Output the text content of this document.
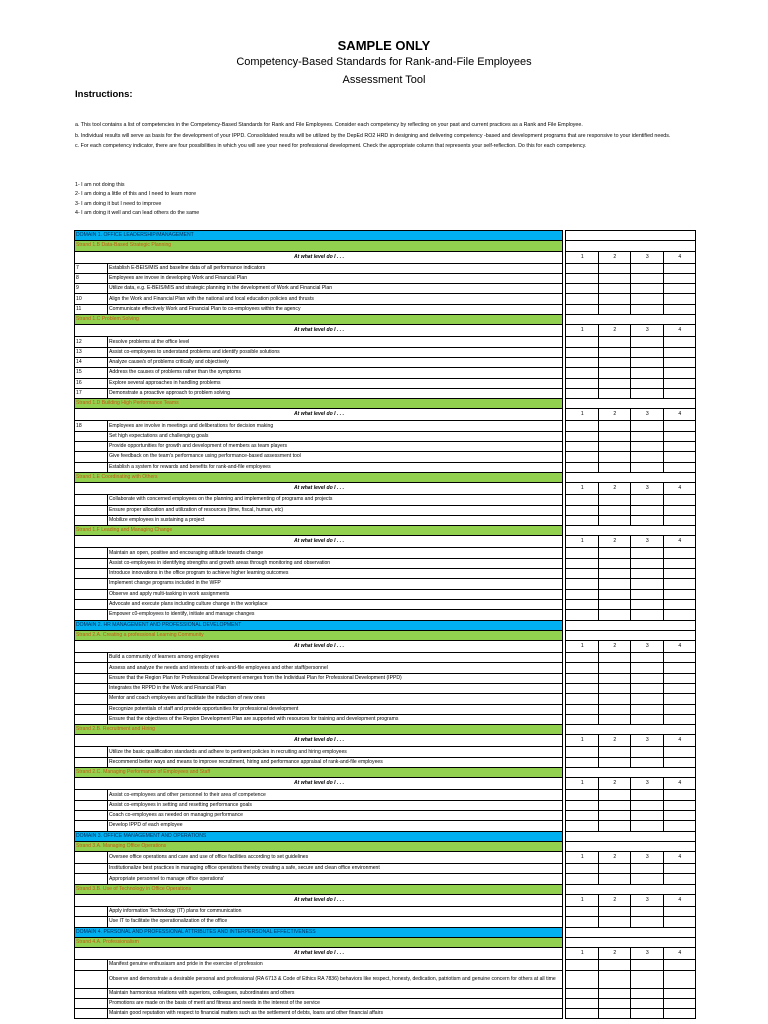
SAMPLE ONLY
Competency-Based Standards for Rank-and-File Employees
Assessment Tool
Instructions:

a. This tool contains a list of competencies in the Competency-Based Standards for Rank and File Employees. Consider each competency by reflecting on your past and current practices as a Rank and File Employee.

b. Individual results will serve as basis for the development of your IPPD. Consolidated results will be utilized by the DepEd RO2 HRD in designing and delivering competency -based and development programs that are responsive to your identified needs.

c. For each competency indicator, there are four possibilities in which you will see your need for professional development. Check the appropriate column that represents your self-reflection. Do this for each competency.

1- I am not doing this
2- I am doing a little of this and I need to learn more
3- I am doing it but I need to improve
4- I am doing it well and can lead others do the same
DOMAIN 1. OFFICE LEADERSHIP/MANAGEMENT						
Strand 1.B Data-Based Strategic Planning						
At what level do I . . .			1	2	3	4
7	Establish E-BEIS/MIS and baseline data of all performance indicators					
8	Employees are invove in developing Work and Financial Plan					
9	Utilize data, e.g. E-BEIS/MIS and strategic planning in the development of Work and Financial Plan					
10	Align the Work and Financial Plan with the national and local education policies and thrusts					
11	Communicate effectively Work and Financial Plan to co-employees within the agency					
Strand 1.C Problem Solving						
At what level do I . . .			1	2	3	4
12	Resolve problems at the office level					
13	Assist co-employees to understand problems and identify possible solutions					
14	Analyze cause/s of problems critically and objectively					
15	Address the causes of problems rather than the symptoms					
16	Explore several approaches in handling problems					
17	Demonstrate a proactive approach to problem solving					
Strand 1.D Building High Performance Teams						
At what level do I . . .			1	2	3	4
18	Employees are involve in meetings and deliberations for decision making					
	Set high expectations and challenging goals					
	Provide opportunities for growth and development of members as team players					
	Give feedback on the team's performance using performance-based assessment tool					
	Establish a system for rewards and benefits for rank-and-file employees					
Strand 1.E Coordinating with Others						
At what level do I . . .			1	2	3	4
	Collaborate with concerned employees on the planning and implementing of programs and projects					
	Ensure proper allocation and utilization of resources (time, fiscal, human, etc)					
	Mobilize employees in sustaining a project					
Strand 1.F Leading and Managing Change						
At what level do I . . .			1	2	3	4
	Maintain an open, positive and encouraging attitude towards change					
	Assist co-employees in identifying strengths and growth areas through monitoring and observation					
	Introduce innovations in the office program to achieve higher learning outcomes					
	Implement change programs included in the WFP					
	Observe and apply multi-tasking in work assignments					
	Advocate and execute plans including culture change in the workplace					
	Empower c0-employees to identify, initiate and manage changes					
DOMAIN 2. HR MANAGEMENT AND PROFESSIONAL DEVELOPMENT						
Strand 2.A. Creating a professional Learning Community						
At what level do I . . .			1	2	3	4
	Build a community of learners among employees					
	Assess and analyze the needs and interests of rank-and-file employees and other staff/personnel					
	Ensure that the Region Plan for Professional Development emerges from the Individual Plan for Professional Development (IPPD)					
	Integrates the RPPD in the Work and Financial Plan					
	Mentor and coach employees and facilitate the induction of new ones					
	Recognize potentials of staff and provide opportunities for professional development					
	Ensure that the objectives of the Region Development Plan are supported with resources for training and development programs					
Strand 2.B. Recruitment and Hiring						
At what level do I . . .			1	2	3	4
	Utilize the basic qualification standards and adhere to pertinent policies in recruiting and hiring employees					
	Recommend better ways and means to improve recruitment, hiring and performance appraisal of rank-and-file employees					
Strand 2.C. Managing Performance of Employees and Staff						
At what level do I . . .			1	2	3	4
	Assist co-employees and other personnel to their area of competence					
	Assist co-employees in setting and resetting performance goals					
	Coach co-employees as needed on managing performance					
	Develop IPPD of each employee					
DOMAIN 3. OFFICE MANAGEMENT AND OPERATIONS						
Strand 3.A. Managing Office Operations						
	Oversee office operations and care and use of office facilities according to set guidelines		1	2	3	4
	Institutionalize best practices in managing office operations thereby creating a safe, secure and clean office environment					
	Appropriate personnel to manage office operations'					
Strand 3.B. Use of Technology in Office Operations						
At what level do I . . .			1	2	3	4
	Apply information Technology (IT) plans for communication					
	Use IT to facilitate the operationalization of the office					
DOMAIN 4. PERSONAL AND PROFESSIONAL ATTRIBUTES AND INTERPERSONAL EFFECTIVENESS						
Strand 4.A. Professionalism						
At what level do I . . .			1	2	3	4
	Manifest genuine enthusiasm and pride in the exercise of profession					
	Observe and demonstrate a desirable personal and professional (RA 6713 & Code of Ethics RA 7836) behaviors like respect, honesty, dedication, patriotism and genuine concern for others at all time					
	Maintain harmonious relations with superiors, colleagues, subordinates and others					
	Promotions are made on the basis of merit and fitness and needs in the interest of the service					
	Maintain good reputation with respect to financial matters such as the settlement of debts, loans and other financial affairs					
